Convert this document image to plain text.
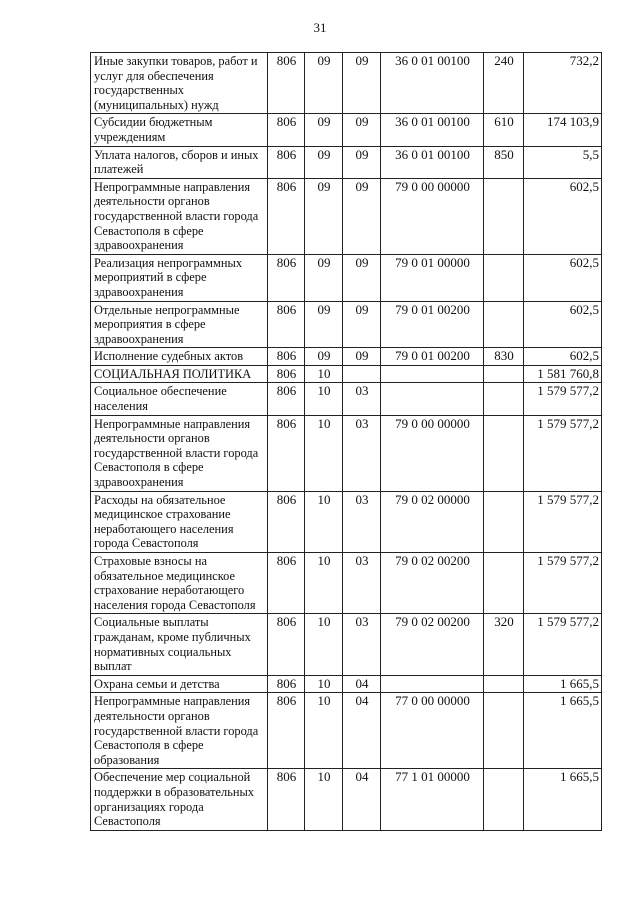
31
Иные закупки товаров, работ и услуг для обеспечения государственных (муниципальных) нужд	806	09	09	36 0 01 00100	240	732,2
Субсидии бюджетным учреждениям	806	09	09	36 0 01 00100	610	174 103,9
Уплата налогов, сборов и иных платежей	806	09	09	36 0 01 00100	850	5,5
Непрограммные направления деятельности органов государственной власти города Севастополя в сфере здравоохранения	806	09	09	79 0 00 00000		602,5
Реализация непрограммных мероприятий в сфере здравоохранения	806	09	09	79 0 01 00000		602,5
Отдельные непрограммные мероприятия в сфере здравоохранения	806	09	09	79 0 01 00200		602,5
Исполнение судебных актов	806	09	09	79 0 01 00200	830	602,5
СОЦИАЛЬНАЯ ПОЛИТИКА	806	10				1 581 760,8
Социальное обеспечение населения	806	10	03			1 579 577,2
Непрограммные направления деятельности органов государственной власти города Севастополя в сфере здравоохранения	806	10	03	79 0 00 00000		1 579 577,2
Расходы на обязательное медицинское страхование неработающего населения города Севастополя	806	10	03	79 0 02 00000		1 579 577,2
Страховые взносы на обязательное медицинское страхование неработающего населения города Севастополя	806	10	03	79 0 02 00200		1 579 577,2
Социальные выплаты гражданам, кроме публичных нормативных социальных выплат	806	10	03	79 0 02 00200	320	1 579 577,2
Охрана семьи и детства	806	10	04			1 665,5
Непрограммные направления деятельности органов государственной власти города Севастополя в сфере образования	806	10	04	77 0 00 00000		1 665,5
Обеспечение мер социальной поддержки в образовательных организациях города Севастополя	806	10	04	77 1 01 00000		1 665,5
